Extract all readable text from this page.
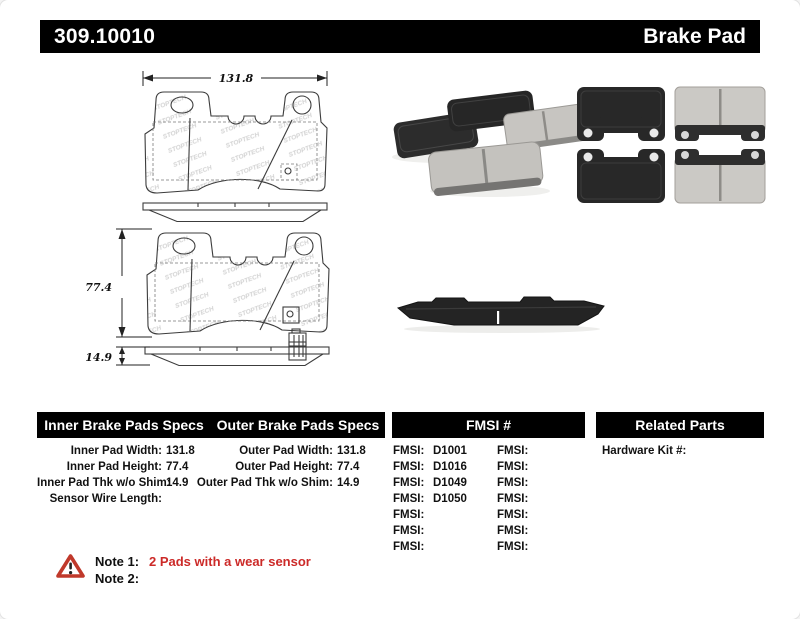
309.10010	Brake Pad
131.8
77.4
14.9
Inner Brake Pads Specs Outer Brake Pads Specs	FMSI #	Related Parts
Inner Pad Width: 131.8
Inner Pad Height: 77.4
Inner Pad Thk w/o Shim:
14.9
Sensor Wire Length:
Outer Pad Width: 131.8
Outer Pad Height: 77.4
Outer Pad Thk w/o Shim: 14.9
FMSI: D1001
FMSI: D1016
FMSI: D1049
FMSI: D1050
FMSI:
FMSI:
FMSI:
FMSI:
FMSI:
FMSI:
FMSI:
FMSI:
FMSI:
FMSI:
Hardware Kit #:
Note 1: 2 Pads with a wear sensor
Note 2:
